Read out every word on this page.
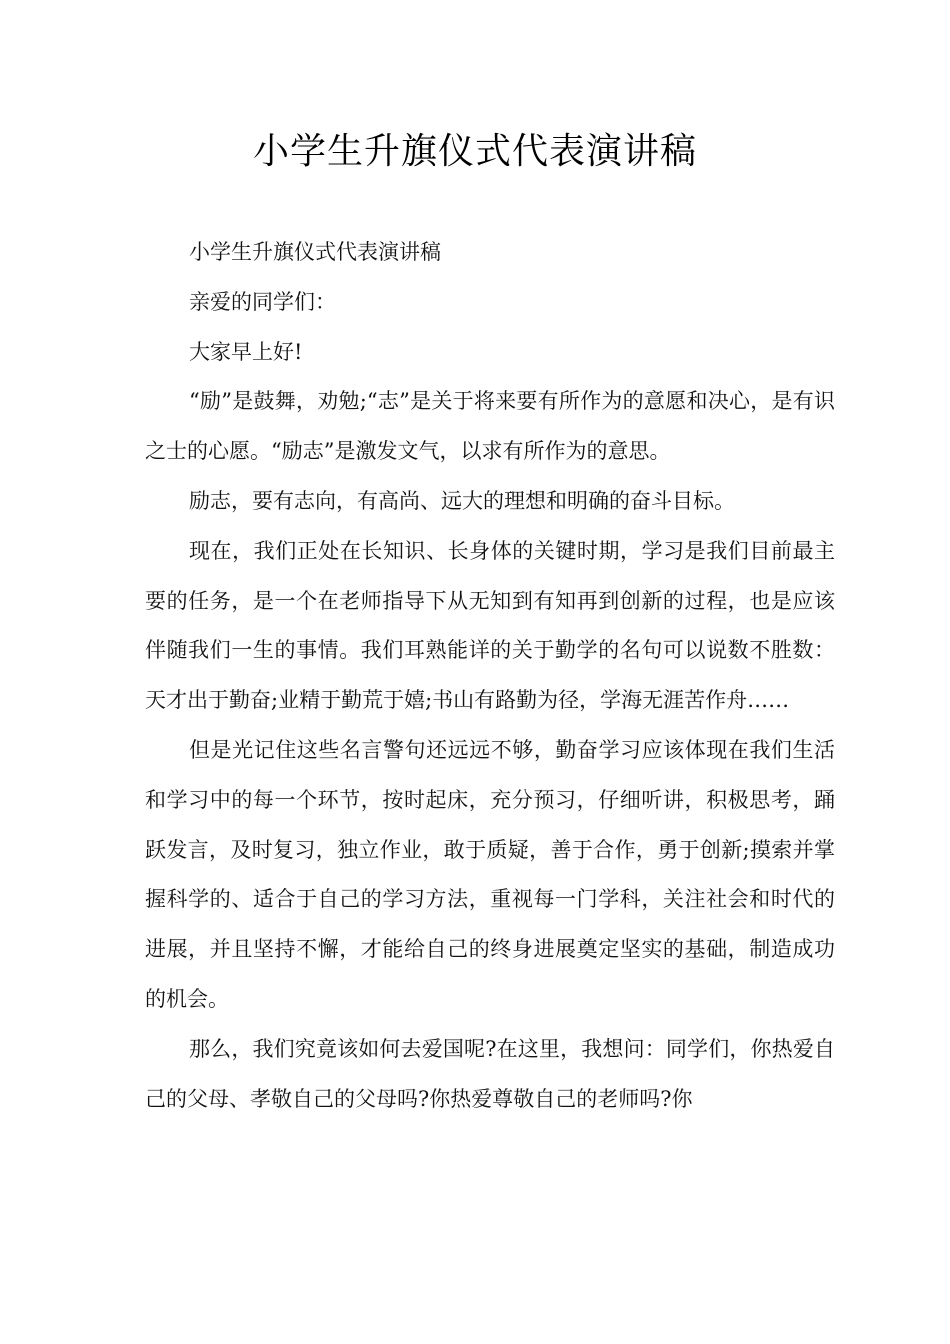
小学生升旗仪式代表演讲稿

小学生升旗仪式代表演讲稿

亲爱的同学们：

大家早上好!

“励”是鼓舞，劝勉;“志”是关于将来要有所作为的意愿和决心，是有识之士的心愿。“励志”是激发文气，以求有所作为的意思。

励志，要有志向，有高尚、远大的理想和明确的奋斗目标。

现在，我们正处在长知识、长身体的关键时期，学习是我们目前最主要的任务，是一个在老师指导下从无知到有知再到创新的过程，也是应该伴随我们一生的事情。我们耳熟能详的关于勤学的名句可以说数不胜数：天才出于勤奋;业精于勤荒于嬉;书山有路勤为径，学海无涯苦作舟……

但是光记住这些名言警句还远远不够，勤奋学习应该体现在我们生活和学习中的每一个环节，按时起床，充分预习，仔细听讲，积极思考，踊跃发言，及时复习，独立作业，敢于质疑，善于合作，勇于创新;摸索并掌握科学的、适合于自己的学习方法，重视每一门学科，关注社会和时代的进展，并且坚持不懈，才能给自己的终身进展奠定坚实的基础，制造成功的机会。

那么，我们究竟该如何去爱国呢?在这里，我想问：同学们，你热爱自己的父母、孝敬自己的父母吗?你热爱尊敬自己的老师吗?你
